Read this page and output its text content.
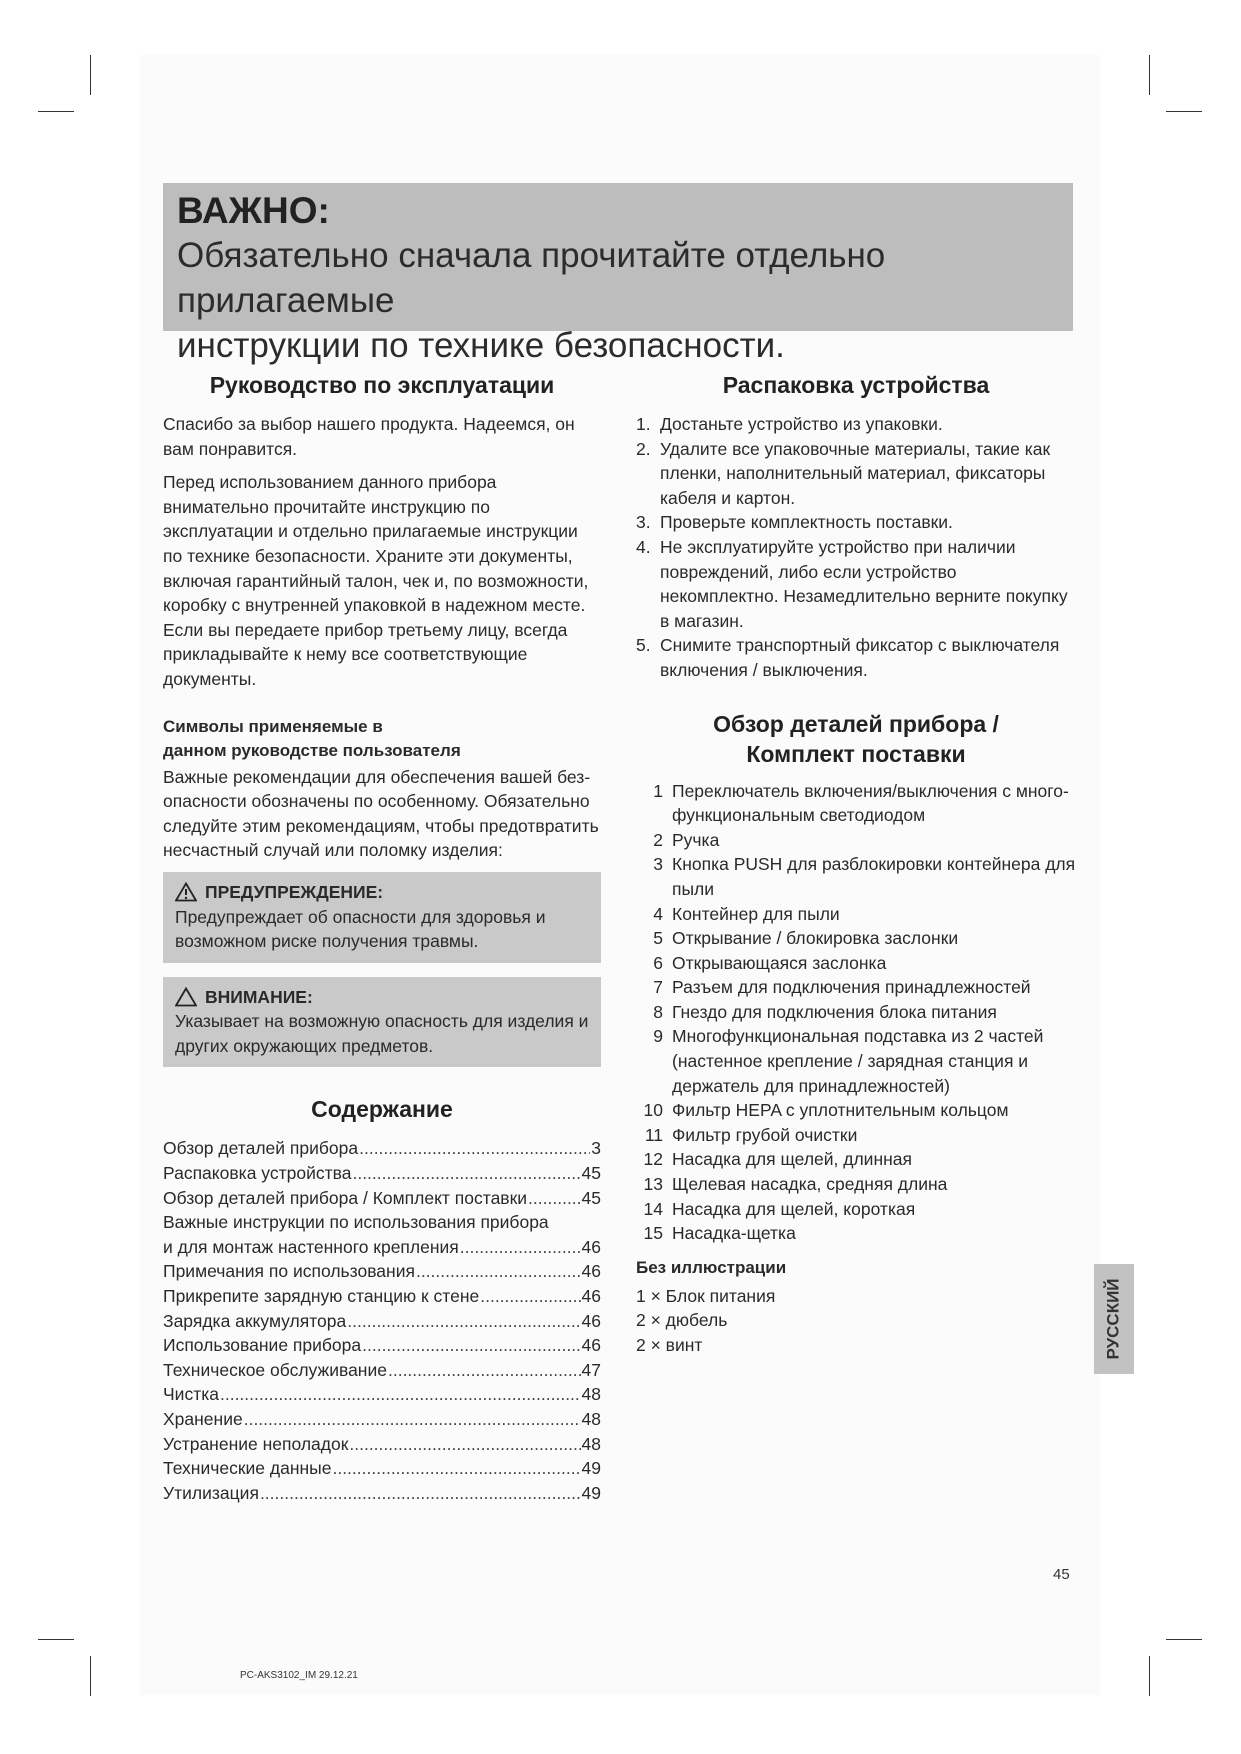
ВАЖНО:
Обязательно сначала прочитайте отдельно прилагаемые
инструкции по технике безопасности.
Руководство по эксплуатации

Спасибо за выбор нашего продукта. Надеемся, он вам понравится.

Перед использованием данного прибора внимательно прочитайте инструкцию по эксплуатации и отдельно прилагаемые инструкции по технике безопасности. Храните эти документы, включая гарантийный талон, чек и, по возможности, коробку с внутренней упаковкой в надежном месте. Если вы передаете прибор третьему лицу, всегда прикладывайте к нему все соответствующие документы.

Символы применяемые в
данном руководстве пользователя

Важные рекомендации для обеспечения вашей безопасности обозначены по особенному. Обязательно следуйте этим рекомендациям, чтобы предотвратить несчастный случай или поломку изделия:

ПРЕДУПРЕЖДЕНИЕ:
Предупреждает об опасности для здоровья и возможном риске получения травмы.
ВНИМАНИЕ:
Указывает на возможную опасность для изделия и других окружающих предметов.
Содержание
Обзор деталей прибора .....	3
Распаковка устройства .....	45
Обзор деталей прибора / Комплект поставки .....	45
Важные инструкции по использования прибора
и для монтаж настенного крепления .....	46
Примечания по использования .....	46
Прикрепите зарядную станцию к стене .....	46
Зарядка аккумулятора .....	46
Использование прибора .....	46
Техническое обслуживание .....	47
Чистка .....	48
Хранение .....	48
Устранение неполадок .....	48
Технические данные .....	49
Утилизация .....	49
Распаковка устройства
1. Достаньте устройство из упаковки.
2. Удалите все упаковочные материалы, такие как пленки, наполнительный материал, фиксаторы кабеля и картон.
3. Проверьте комплектность поставки.
4. Не эксплуатируйте устройство при наличии повреждений, либо если устройство некомплектно. Незамедлительно верните покупку в магазин.
5. Снимите транспортный фиксатор с выключателя включения / выключения.
Обзор деталей прибора /
Комплект поставки
1 Переключатель включения/выключения с многофункциональным светодиодом
2 Ручка
3 Кнопка PUSH для разблокировки контейнера для пыли
4 Контейнер для пыли
5 Открывание / блокировка заслонки
6 Открывающаяся заслонка
7 Разъем для подключения принадлежностей
8 Гнездо для подключения блока питания
9 Многофункциональная подставка из 2 частей (настенное крепление / зарядная станция и держатель для принадлежностей)
10 Фильтр HEPA с уплотнительным кольцом
11 Фильтр грубой очистки
12 Насадка для щелей, длинная
13 Щелевая насадка, средняя длина
14 Насадка для щелей, короткая
15 Насадка-щетка
Без иллюстрации
1 × Блок питания
2 × дюбель
2 × винт	РУССКИЙ
45
PC-AKS3102_IM 29.12.21
